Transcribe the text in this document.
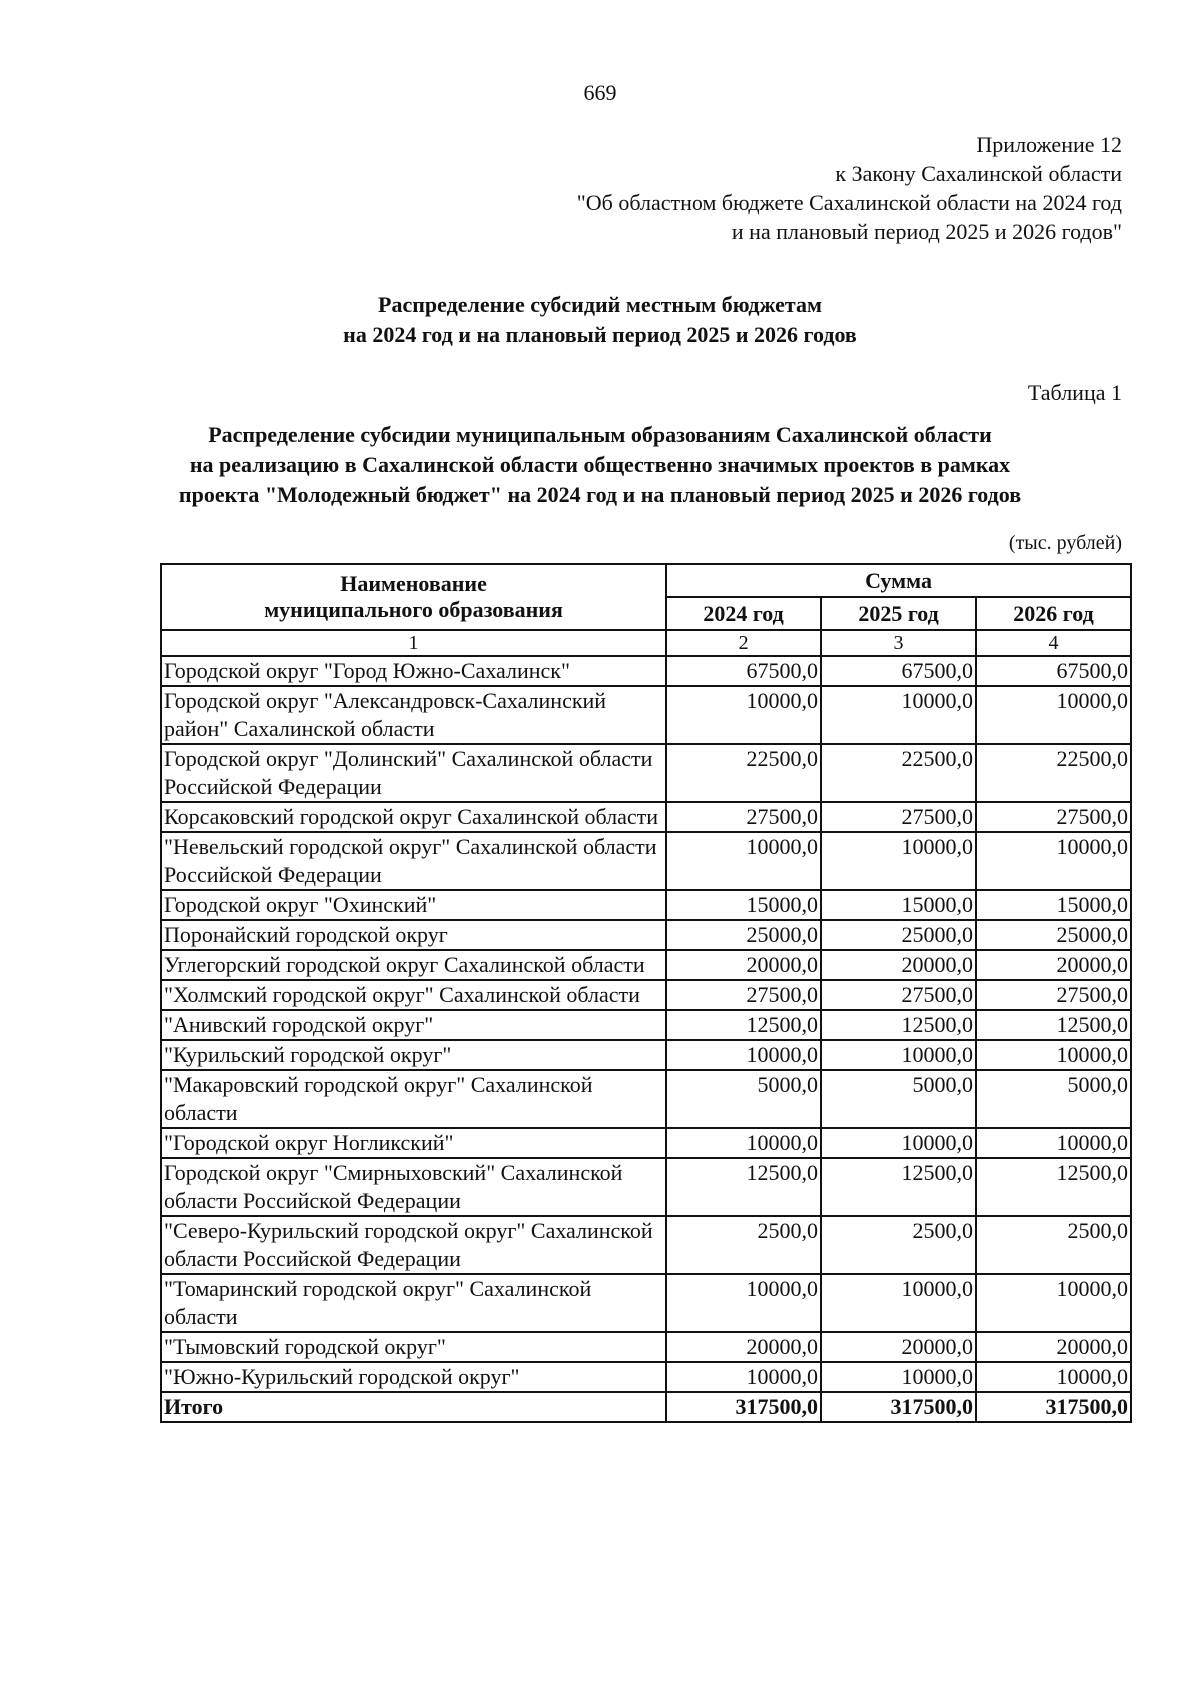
669
Приложение 12
к Закону Сахалинской области
"Об областном бюджете Сахалинской области на 2024 год
и на плановый период 2025 и 2026 годов"
Распределение субсидий местным бюджетам
на 2024 год и на плановый период 2025 и 2026 годов
Таблица 1
Распределение субсидии муниципальным образованиям Сахалинской области
на реализацию в Сахалинской области общественно значимых проектов в рамках
проекта "Молодежный бюджет" на 2024 год и на плановый период 2025 и 2026 годов
(тыс. рублей)
Наименование
муниципального образования	Сумма		
	2024 год	2025 год	2026 год
1	2	3	4
Городской округ "Город Южно-Сахалинск"	67500,0	67500,0	67500,0
Городской округ "Александровск-Сахалинский район" Сахалинской области	10000,0	10000,0	10000,0
Городской округ "Долинский" Сахалинской области Российской Федерации	22500,0	22500,0	22500,0
Корсаковский городской округ Сахалинской области	27500,0	27500,0	27500,0
"Невельский городской округ" Сахалинской области Российской Федерации	10000,0	10000,0	10000,0
Городской округ "Охинский"	15000,0	15000,0	15000,0
Поронайский городской округ	25000,0	25000,0	25000,0
Углегорский городской округ Сахалинской области	20000,0	20000,0	20000,0
"Холмский городской округ" Сахалинской области	27500,0	27500,0	27500,0
"Анивский городской округ"	12500,0	12500,0	12500,0
"Курильский городской округ"	10000,0	10000,0	10000,0
"Макаровский городской округ" Сахалинской области	5000,0	5000,0	5000,0
"Городской округ Ногликский"	10000,0	10000,0	10000,0
Городской округ "Смирныховский" Сахалинской области Российской Федерации	12500,0	12500,0	12500,0
"Северо-Курильский городской округ" Сахалинской области Российской Федерации	2500,0	2500,0	2500,0
"Томаринский городской округ" Сахалинской области	10000,0	10000,0	10000,0
"Тымовский городской округ"	20000,0	20000,0	20000,0
"Южно-Курильский городской округ"	10000,0	10000,0	10000,0
Итого	317500,0	317500,0	317500,0
